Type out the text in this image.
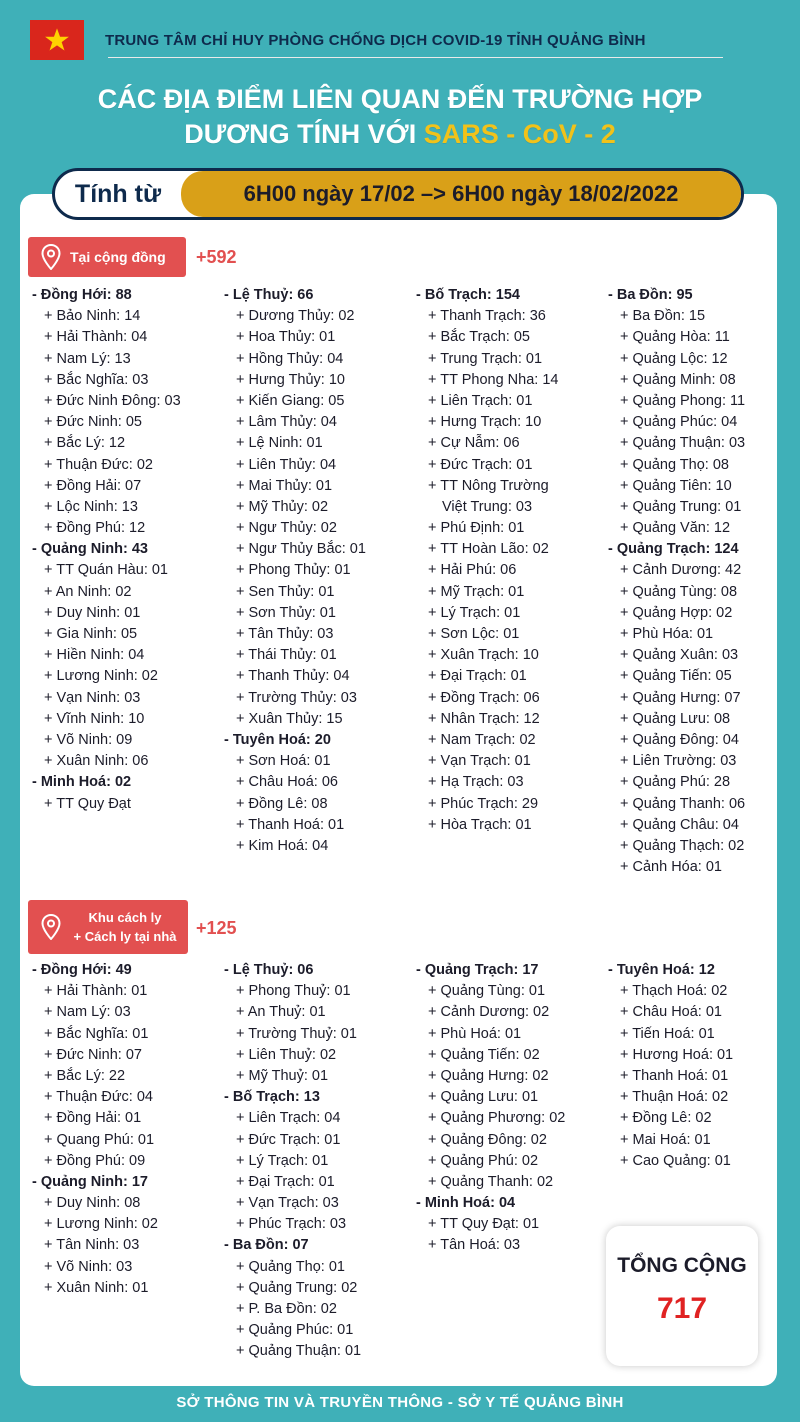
TRUNG TÂM CHỈ HUY PHÒNG CHỐNG DỊCH COVID-19 TỈNH QUẢNG BÌNH
CÁC ĐỊA ĐIỂM LIÊN QUAN ĐẾN TRƯỜNG HỢP
DƯƠNG TÍNH VỚI SARS - CoV - 2
Tính từ	6H00 ngày 17/02 –> 6H00 ngày 18/02/2022
Tại cộng đồng +592
- Đồng Hới: 88
+ Bảo Ninh: 14
+ Hải Thành: 04
+ Nam Lý: 13
+ Bắc Nghĩa: 03
+ Đức Ninh Đông: 03
+ Đức Ninh: 05
+ Bắc Lý: 12
+ Thuận Đức: 02
+ Đồng Hải: 07
+ Lộc Ninh: 13
+ Đồng Phú: 12
- Quảng Ninh: 43
+ TT Quán Hàu: 01
+ An Ninh: 02
+ Duy Ninh: 01
+ Gia Ninh: 05
+ Hiền Ninh: 04
+ Lương Ninh: 02
+ Vạn Ninh: 03
+ Vĩnh Ninh: 10
+ Võ Ninh: 09
+ Xuân Ninh: 06
- Minh Hoá: 02
+ TT Quy Đạt
- Lệ Thuỷ: 66
+ Dương Thủy: 02
+ Hoa Thủy: 01
+ Hồng Thủy: 04
+ Hưng Thủy: 10
+ Kiến Giang: 05
+ Lâm Thủy: 04
+ Lệ Ninh: 01
+ Liên Thủy: 04
+ Mai Thủy: 01
+ Mỹ Thủy: 02
+ Ngư Thủy: 02
+ Ngư Thủy Bắc: 01
+ Phong Thủy: 01
+ Sen Thủy: 01
+ Sơn Thủy: 01
+ Tân Thủy: 03
+ Thái Thủy: 01
+ Thanh Thủy: 04
+ Trường Thủy: 03
+ Xuân Thủy: 15
- Tuyên Hoá: 20
+ Sơn Hoá: 01
+ Châu Hoá: 06
+ Đồng Lê: 08
+ Thanh Hoá: 01
+ Kim Hoá: 04
- Bố Trạch: 154
+ Thanh Trạch: 36
+ Bắc Trạch: 05
+ Trung Trạch: 01
+ TT Phong Nha: 14
+ Liên Trạch: 01
+ Hưng Trạch: 10
+ Cự Nẫm: 06
+ Đức Trạch: 01
+ TT Nông Trường
Việt Trung: 03
+ Phú Định: 01
+ TT Hoàn Lão: 02
+ Hải Phú: 06
+ Mỹ Trạch: 01
+ Lý Trạch: 01
+ Sơn Lộc: 01
+ Xuân Trạch: 10
+ Đại Trạch: 01
+ Đồng Trạch: 06
+ Nhân Trạch: 12
+ Nam Trạch: 02
+ Vạn Trạch: 01
+ Hạ Trạch: 03
+ Phúc Trạch: 29
+ Hòa Trạch: 01
- Ba Đồn: 95
+ Ba Đồn: 15
+ Quảng Hòa: 11
+ Quảng Lộc: 12
+ Quảng Minh: 08
+ Quảng Phong: 11
+ Quảng Phúc: 04
+ Quảng Thuận: 03
+ Quảng Thọ: 08
+ Quảng Tiên: 10
+ Quảng Trung: 01
+ Quảng Văn: 12
- Quảng Trạch: 124
+ Cảnh Dương: 42
+ Quảng Tùng: 08
+ Quảng Hợp: 02
+ Phù Hóa: 01
+ Quảng Xuân: 03
+ Quảng Tiến: 05
+ Quảng Hưng: 07
+ Quảng Lưu: 08
+ Quảng Đông: 04
+ Liên Trường: 03
+ Quảng Phú: 28
+ Quảng Thanh: 06
+ Quảng Châu: 04
+ Quảng Thạch: 02
+ Cảnh Hóa: 01
Khu cách ly
+ Cách ly tại nhà	+125
- Đồng Hới: 49
+ Hải Thành: 01
+ Nam Lý: 03
+ Bắc Nghĩa: 01
+ Đức Ninh: 07
+ Bắc Lý: 22
+ Thuận Đức: 04
+ Đồng Hải: 01
+ Quang Phú: 01
+ Đồng Phú: 09
- Quảng Ninh: 17
+ Duy Ninh: 08
+ Lương Ninh: 02
+ Tân Ninh: 03
+ Võ Ninh: 03
+ Xuân Ninh: 01
- Lệ Thuỷ: 06
+ Phong Thuỷ: 01
+ An Thuỷ: 01
+ Trường Thuỷ: 01
+ Liên Thuỷ: 02
+ Mỹ Thuỷ: 01
- Bố Trạch: 13
+ Liên Trạch: 04
+ Đức Trạch: 01
+ Lý Trạch: 01
+ Đại Trạch: 01
+ Vạn Trạch: 03
+ Phúc Trạch: 03
- Ba Đồn: 07
+ Quảng Thọ: 01
+ Quảng Trung: 02
+ P. Ba Đồn: 02
+ Quảng Phúc: 01
+ Quảng Thuận: 01
- Quảng Trạch: 17
+ Quảng Tùng: 01
+ Cảnh Dương: 02
+ Phù Hoá: 01
+ Quảng Tiến: 02
+ Quảng Hưng: 02
+ Quảng Lưu: 01
+ Quảng Phương: 02
+ Quảng Đông: 02
+ Quảng Phú: 02
+ Quảng Thanh: 02
- Minh Hoá: 04
+ TT Quy Đạt: 01
+ Tân Hoá: 03
- Tuyên Hoá: 12
+ Thạch Hoá: 02
+ Châu Hoá: 01
+ Tiến Hoá: 01
+ Hương Hoá: 01
+ Thanh Hoá: 01
+ Thuận Hoá: 02
+ Đồng Lê: 02
+ Mai Hoá: 01
+ Cao Quảng: 01
TỔNG CỘNG
717
SỞ THÔNG TIN VÀ TRUYỀN THÔNG - SỞ Y TẾ QUẢNG BÌNH
